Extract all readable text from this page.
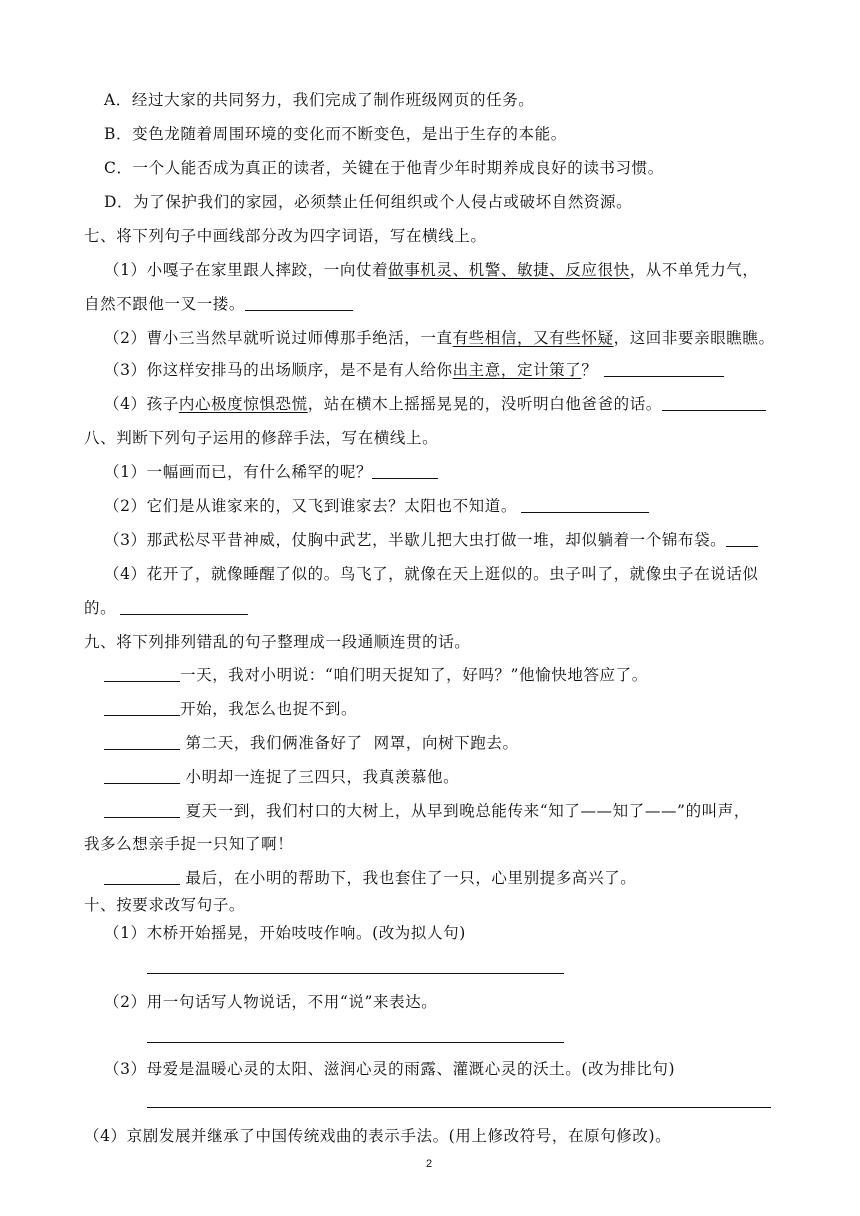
A．经过大家的共同努力，我们完成了制作班级网页的任务。
B．变色龙随着周围环境的变化而不断变色，是出于生存的本能。
C．一个人能否成为真正的读者，关键在于他青少年时期养成良好的读书习惯。
D．为了保护我们的家园，必须禁止任何组织或个人侵占或破坏自然资源。
七、将下列句子中画线部分改为四字词语，写在横线上。
（1）小嘎子在家里跟人摔跤，一向仗着做事机灵、机警、敏捷、反应很快，从不单凭力气，
自然不跟他一叉一搂。
（2）曹小三当然早就听说过师傅那手绝活，一直有些相信，又有些怀疑，这回非要亲眼瞧瞧。
（3）你这样安排马的出场顺序，是不是有人给你出主意，定计策了？
（4）孩子内心极度惊惧恐慌，站在横木上摇摇晃晃的，没听明白他爸爸的话。
八、判断下列句子运用的修辞手法，写在横线上。
（1）一幅画而已，有什么稀罕的呢？
（2）它们是从谁家来的，又飞到谁家去？太阳也不知道。
（3）那武松尽平昔神威，仗胸中武艺，半歇儿把大虫打做一堆，却似躺着一个锦布袋。
（4）花开了，就像睡醒了似的。鸟飞了，就像在天上逛似的。虫子叫了，就像虫子在说话似
的。
九、将下列排列错乱的句子整理成一段通顺连贯的话。
一天，我对小明说：“咱们明天捉知了，好吗？”他愉快地答应了。
开始，我怎么也捉不到。
第二天，我们俩准备好了  网罩，向树下跑去。
小明却一连捉了三四只，我真羡慕他。
夏天一到，我们村口的大树上，从早到晚总能传来“知了——知了——”的叫声，
我多么想亲手捉一只知了啊！
最后，在小明的帮助下，我也套住了一只，心里别提多高兴了。
十、按要求改写句子。
（1）木桥开始摇晃，开始吱吱作响。(改为拟人句)
（2）用一句话写人物说话，不用“说”来表达。
（3）母爱是温暖心灵的太阳、滋润心灵的雨露、灌溉心灵的沃土。(改为排比句)
（4）京剧发展并继承了中国传统戏曲的表示手法。(用上修改符号，在原句修改)。
2
